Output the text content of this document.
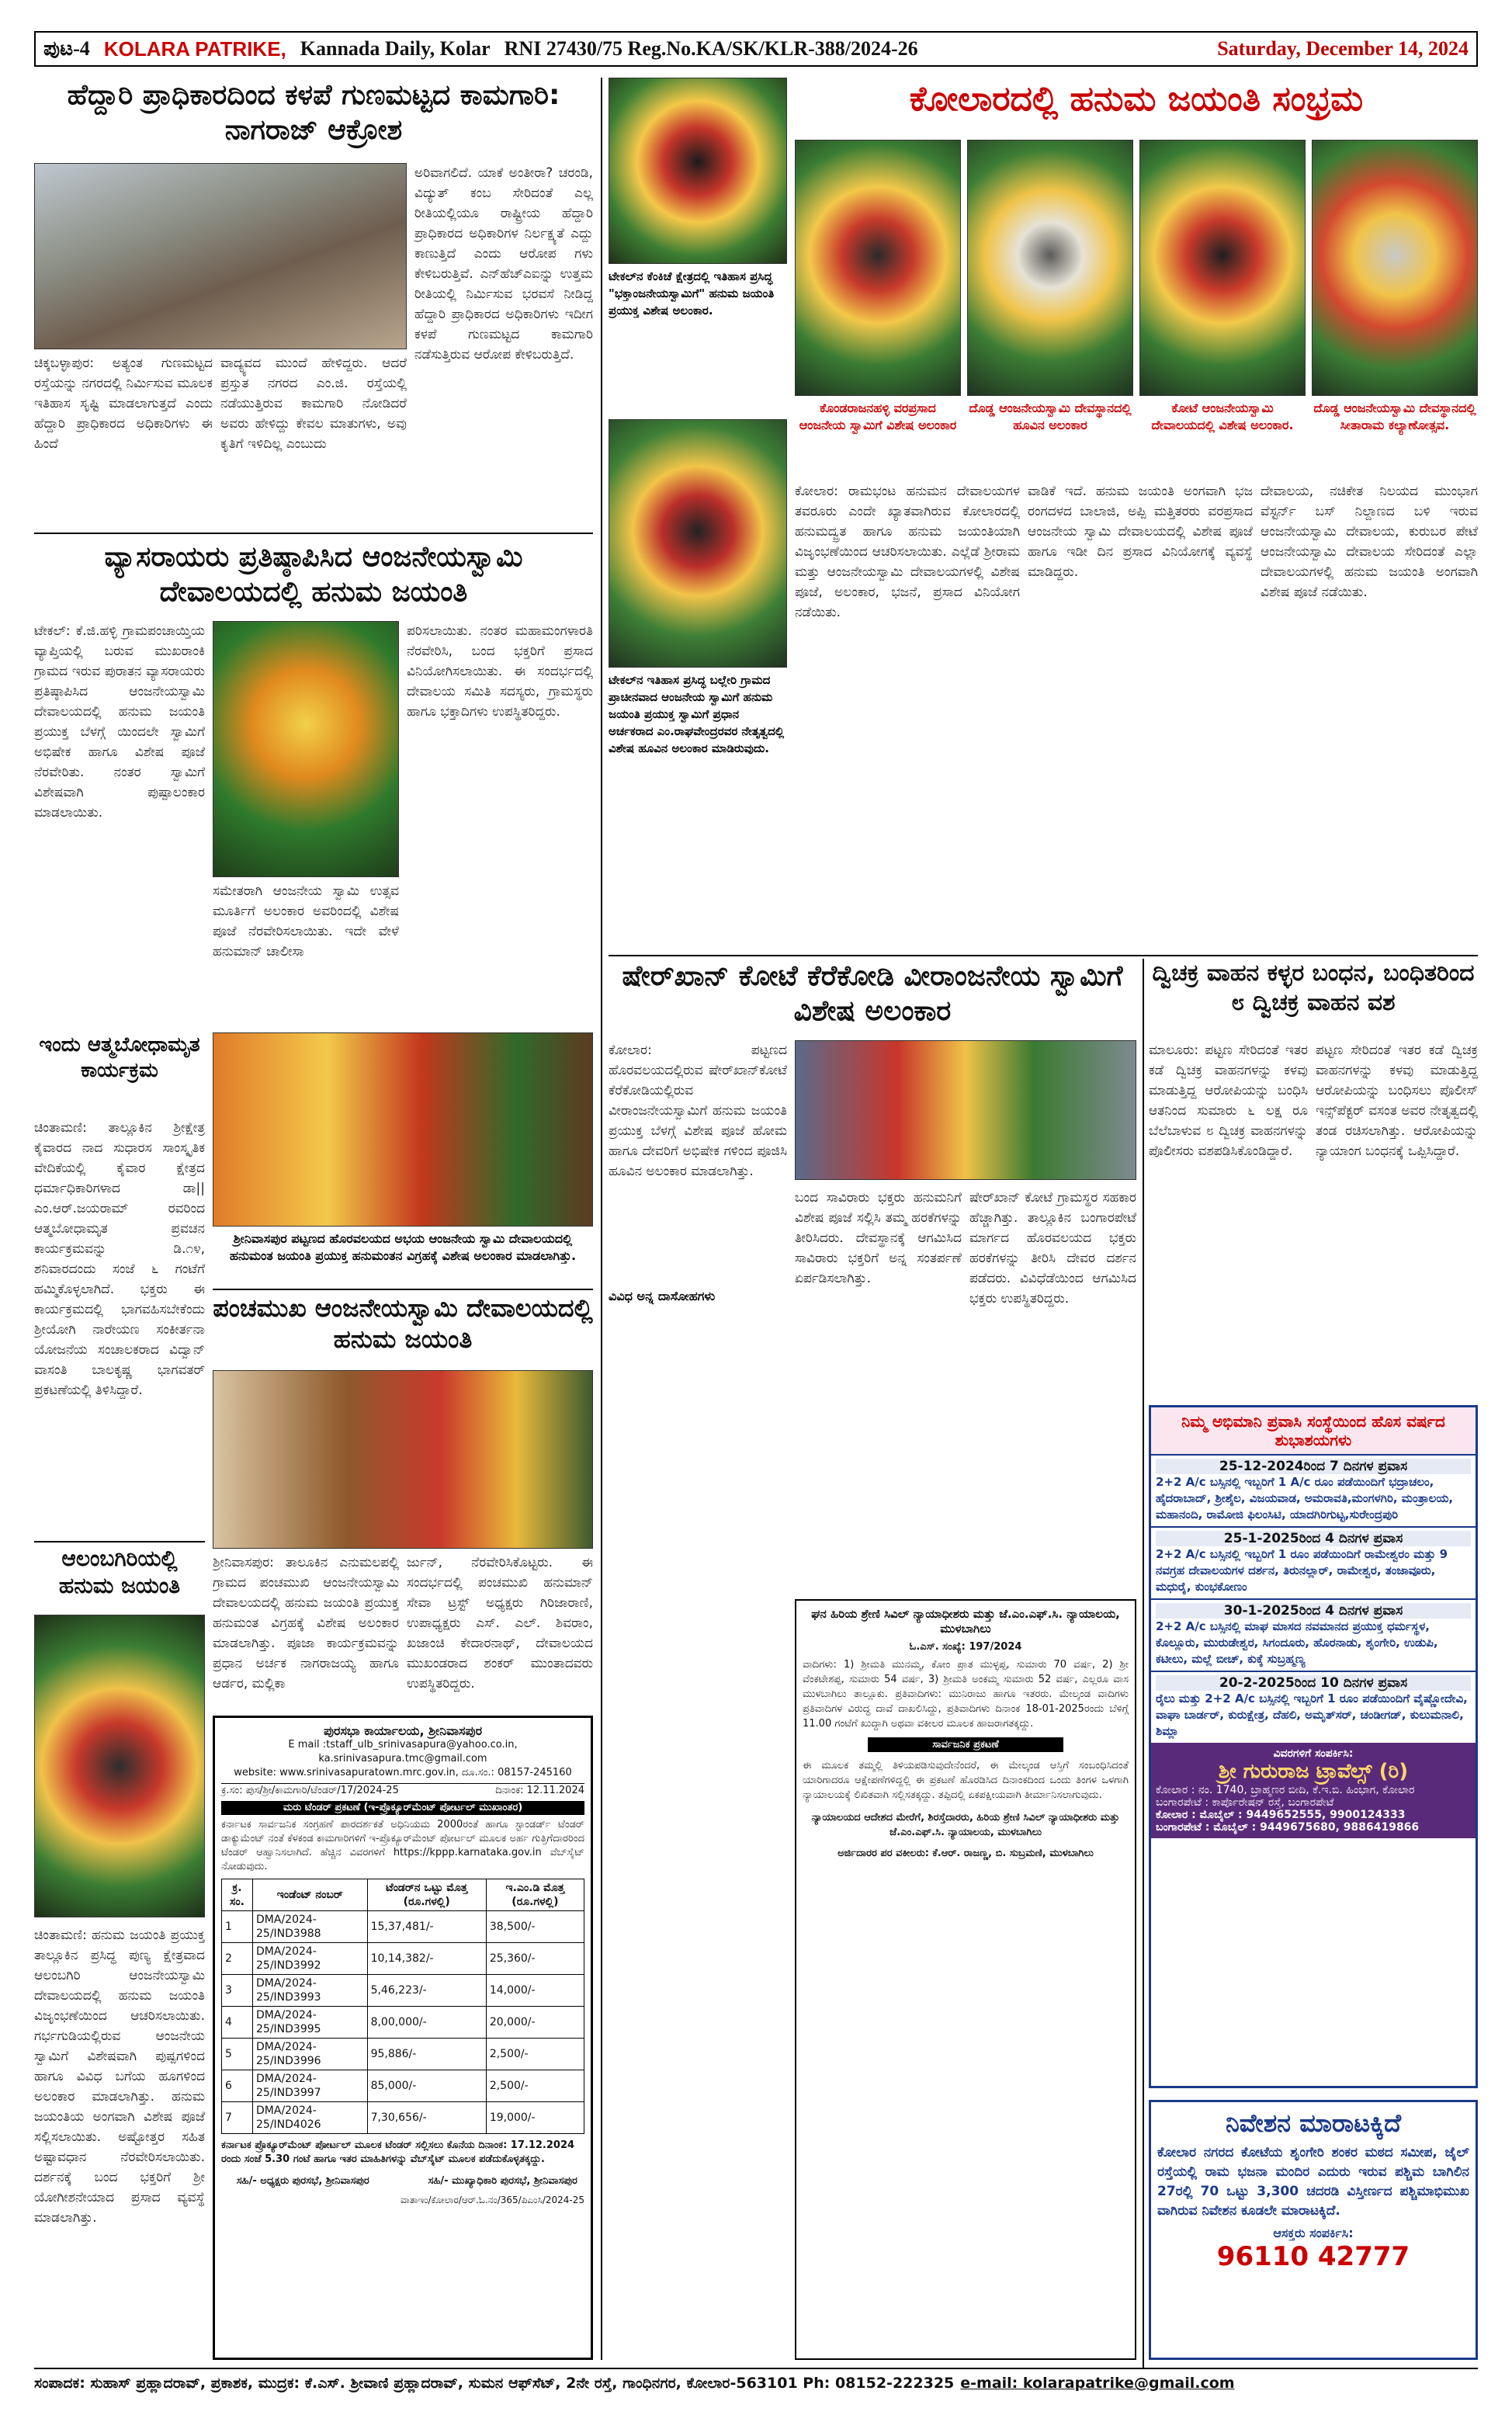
ಪುಟ-4 KOLARA PATRIKE, Kannada Daily, Kolar RNI 27430/75 Reg.No.KA/SK/KLR-388/2024-26	Saturday, December 14, 2024
ಹೆದ್ದಾರಿ ಪ್ರಾಧಿಕಾರದಿಂದ ಕಳಪೆ ಗುಣಮಟ್ಟದ ಕಾಮಗಾರಿ: ನಾಗರಾಜ್ ಆಕ್ರೋಶ
ಚಿಕ್ಕಬಳ್ಳಾಪುರ: ಅತ್ಯಂತ ಗುಣಮಟ್ಟದ ರಸ್ತೆಯನ್ನು ನಗರದಲ್ಲಿ ನಿರ್ಮಿಸುವ ಮೂಲಕ ಇತಿಹಾಸ ಸೃಷ್ಟಿ ಮಾಡಲಾಗುತ್ತದೆ ಎಂದು ಹೆದ್ದಾರಿ ಪ್ರಾಧಿಕಾರದ ಅಧಿಕಾರಿಗಳು ಈ ಹಿಂದೆ
ವಾದ್ಯ್ಯವದ ಮುಂದೆ ಹೇಳಿದ್ದರು. ಆದರೆ ಪ್ರಸ್ತುತ ನಗರದ ಎಂ.ಜಿ. ರಸ್ತೆಯಲ್ಲಿ ನಡೆಯುತ್ತಿರುವ ಕಾಮಗಾರಿ ನೋಡಿದರೆ ಅವರು ಹೇಳಿದ್ದು ಕೇವಲ ಮಾತುಗಳು, ಅವು ಕೃತಿಗೆ ಇಳಿದಿಲ್ಲ ಎಂಬುದು
ಅರಿವಾಗಲಿದೆ. ಯಾಕೆ ಅಂತೀರಾ? ಚರಂಡಿ, ವಿದ್ಯುತ್ ಕಂಬ ಸೇರಿದಂತೆ ಎಲ್ಲ ರೀತಿಯಲ್ಲಿಯೂ ರಾಷ್ಟ್ರೀಯ ಹೆದ್ದಾರಿ ಪ್ರಾಧಿಕಾರದ ಅಧಿಕಾರಿಗಳ ನಿರ್ಲಕ್ಷ್ಯತೆ ಎದ್ದು ಕಾಣುತ್ತಿದೆ ಎಂದು ಆರೋಪ ಗಳು ಕೇಳಿಬರುತ್ತಿವೆ. ಎನ್‌ಹೆಚ್‌ಎಐನ್ನು ಉತ್ತಮ ರೀತಿಯಲ್ಲಿ ನಿರ್ಮಿಸುವ ಭರವಸೆ ನೀಡಿದ್ದ ಹೆದ್ದಾರಿ ಪ್ರಾಧಿಕಾರದ ಅಧಿಕಾರಿಗಳು ಇದೀಗ ಕಳಪೆ ಗುಣಮಟ್ಟದ ಕಾಮಗಾರಿ ನಡೆಸುತ್ತಿರುವ ಆರೋಪ ಕೇಳಿಬರುತ್ತಿದೆ.
ವ್ಯಾಸರಾಯರು ಪ್ರತಿಷ್ಠಾಪಿಸಿದ ಆಂಜನೇಯಸ್ವಾಮಿ ದೇವಾಲಯದಲ್ಲಿ ಹನುಮ ಜಯಂತಿ
ಟೇಕಲ್: ಕೆ.ಜಿ.ಹಳ್ಳಿ ಗ್ರಾಮಪಂಚಾಯ್ತಿಯ ವ್ಯಾಪ್ತಿಯಲ್ಲಿ ಬರುವ ಮುಖರಾಂಕಿ ಗ್ರಾಮದ ಇರುವ ಪುರಾತನ ವ್ಯಾಸರಾಯರು ಪ್ರತಿಷ್ಠಾಪಿಸಿದ ಆಂಜನೇಯಸ್ವಾಮಿ ದೇವಾಲಯದಲ್ಲಿ ಹನುಮ ಜಯಂತಿ ಪ್ರಯುಕ್ತ ಬೆಳಗ್ಗೆ ಯಿಂದಲೇ ಸ್ವಾಮಿಗೆ ಅಭಿಷೇಕ ಹಾಗೂ ವಿಶೇಷ ಪೂಜೆ ನೆರವೇರಿತು. ನಂತರ ಸ್ವಾಮಿಗೆ ವಿಶೇಷವಾಗಿ ಪುಷ್ಪಾಲಂಕಾರ ಮಾಡಲಾಯಿತು.
ಸಮೇತರಾಗಿ ಆಂಜನೇಯ ಸ್ವಾಮಿ ಉತ್ಸವ ಮೂರ್ತಿಗೆ ಅಲಂಕಾರ ಅವರಿಂದಲ್ಲಿ ವಿಶೇಷ ಪೂಜೆ ನೆರವೇರಿಸಲಾಯಿತು. ಇದೇ ವೇಳೆ ಹನುಮಾನ್ ಚಾಲೀಸಾ
ಪರಿಸಲಾಯಿತು. ನಂತರ ಮಹಾಮಂಗಳಾರತಿ ನೆರವೇರಿಸಿ, ಬಂದ ಭಕ್ತರಿಗೆ ಪ್ರಸಾದ ವಿನಿಯೋಗಿಸಲಾಯಿತು. ಈ ಸಂದರ್ಭದಲ್ಲಿ ದೇವಾಲಯ ಸಮಿತಿ ಸದಸ್ಯರು, ಗ್ರಾಮಸ್ಥರು ಹಾಗೂ ಭಕ್ತಾದಿಗಳು ಉಪಸ್ಥಿತರಿದ್ದರು.
ಇಂದು ಆತ್ಮಬೋಧಾಮೃತ ಕಾರ್ಯಕ್ರಮ
ಚಿಂತಾಮಣಿ: ತಾಲ್ಲೂಕಿನ ಶ್ರೀಕ್ಷೇತ್ರ ಕೈವಾರದ ನಾದ ಸುಧಾರಸ ಸಾಂಸ್ಕೃತಿಕ ವೇದಿಕೆಯಲ್ಲಿ ಕೈವಾರ ಕ್ಷೇತ್ರದ ಧರ್ಮಾಧಿಕಾರಿಗಳಾದ ಡಾ|| ಎಂ.ಆರ್.ಜಯರಾಮ್ ರವರಿಂದ ಆತ್ಮಬೋಧಾಮೃತ ಪ್ರವಚನ ಕಾರ್ಯಕ್ರಮವನ್ನು ಡಿ.೧೪, ಶನಿವಾರದಂದು ಸಂಜೆ ೬ ಗಂಟೆಗೆ ಹಮ್ಮಿಕೊಳ್ಳಲಾಗಿದೆ. ಭಕ್ತರು ಈ ಕಾರ್ಯಕ್ರಮದಲ್ಲಿ ಭಾಗವಹಿಸಬೇಕೆಂದು ಶ್ರೀಯೋಗಿ ನಾರೇಯಣ ಸಂಕೀರ್ತನಾ ಯೋಜನೆಯ ಸಂಚಾಲಕರಾದ ವಿದ್ವಾನ್ ವಾಸಂತಿ ಬಾಲಕೃಷ್ಣ ಭಾಗವತರ್ ಪ್ರಕಟಣೆಯಲ್ಲಿ ತಿಳಿಸಿದ್ದಾರೆ.
ಶ್ರೀನಿವಾಸಪುರ ಪಟ್ಟಣದ ಹೊರವಲಯದ ಅಭಯ ಆಂಜನೇಯ ಸ್ವಾಮಿ ದೇವಾಲಯದಲ್ಲಿ ಹನುಮಂತ ಜಯಂತಿ ಪ್ರಯುಕ್ತ ಹನುಮಂತನ ವಿಗ್ರಹಕ್ಕೆ ವಿಶೇಷ ಅಲಂಕಾರ ಮಾಡಲಾಗಿತ್ತು.
ಪಂಚಮುಖ ಆಂಜನೇಯಸ್ವಾಮಿ ದೇವಾಲಯದಲ್ಲಿ ಹನುಮ ಜಯಂತಿ
ಶ್ರೀನಿವಾಸಪುರ: ತಾಲೂಕಿನ ಎನುಮಲಪಲ್ಲಿ ಗ್ರಾಮದ ಪಂಚಮುಖಿ ಆಂಜನೇಯಸ್ವಾಮಿ ದೇವಾಲಯದಲ್ಲಿ ಹನುಮ ಜಯಂತಿ ಪ್ರಯುಕ್ತ ಹನುಮಂತ ವಿಗ್ರಹಕ್ಕೆ ವಿಶೇಷ ಅಲಂಕಾರ ಮಾಡಲಾಗಿತ್ತು. ಪೂಜಾ ಕಾರ್ಯಕ್ರಮವನ್ನು ಪ್ರಧಾನ ಅರ್ಚಕ ನಾಗರಾಜಯ್ಯ ಹಾಗೂ ಆರ್ಡರ, ಮಲ್ಲಿಕಾ
ರ್ಜುನ್, ನೆರವೇರಿಸಿಕೊಟ್ಟರು. ಈ ಸಂದರ್ಭದಲ್ಲಿ ಪಂಚಮುಖಿ ಹನುಮಾನ್ ಸೇವಾ ಟ್ರಸ್ಟ್ ಅಧ್ಯಕ್ಷರು ಗಿರಿಜಾರಾಣಿ, ಉಪಾಧ್ಯಕ್ಷರು ಎಸ್. ಎಲ್. ಶಿವರಾಂ, ಖಜಾಂಚಿ ಕೇದಾರನಾಥ್, ದೇವಾಲಯದ ಮುಖಂಡರಾದ ಶಂಕರ್ ಮುಂತಾದವರು ಉಪಸ್ಥಿತರಿದ್ದರು.
ಆಲಂಬಗಿರಿಯಲ್ಲಿ ಹನುಮ ಜಯಂತಿ
ಚಿಂತಾಮಣಿ: ಹನುಮ ಜಯಂತಿ ಪ್ರಯುಕ್ತ ತಾಲ್ಲೂಕಿನ ಪ್ರಸಿದ್ಧ ಪುಣ್ಯ ಕ್ಷೇತ್ರವಾದ ಆಲಂಬಗಿರಿ ಆಂಜನೇಯಸ್ವಾಮಿ ದೇವಾಲಯದಲ್ಲಿ ಹನುಮ ಜಯಂತಿ ವಿಜೃಂಭಣೆಯಿಂದ ಆಚರಿಸಲಾಯಿತು. ಗರ್ಭಗುಡಿಯಲ್ಲಿರುವ ಆಂಜನೇಯ ಸ್ವಾಮಿಗೆ ವಿಶೇಷವಾಗಿ ಪುಷ್ಪಗಳಿಂದ ಹಾಗೂ ವಿವಿಧ ಬಗೆಯ ಹೂಗಳಿಂದ ಅಲಂಕಾರ ಮಾಡಲಾಗಿತ್ತು. ಹನುಮ ಜಯಂತಿಯ ಅಂಗವಾಗಿ ವಿಶೇಷ ಪೂಜೆ ಸಲ್ಲಿಸಲಾಯಿತು. ಅಷ್ಟೋತ್ತರ ಸಹಿತ ಅಷ್ಟಾವಧಾನ ನೆರವೇರಿಸಲಾಯಿತು. ದರ್ಶನಕ್ಕೆ ಬಂದ ಭಕ್ತರಿಗೆ ಶ್ರೀ ಯೋಗೀಶನೇಯಾದ ಪ್ರಸಾದ ವ್ಯವಸ್ಥೆ ಮಾಡಲಾಗಿತ್ತು.
ಪುರಸಭಾ ಕಾರ್ಯಾಲಯ, ಶ್ರೀನಿವಾಸಪುರ
E mail :tstaff_ulb_srinivasapura@yahoo.co.in, ka.srinivasapura.tmc@gmail.com
website: www.srinivasapuratown.mrc.gov.in, ದೂ.ಸಂ.: 08157-245160
ಕ್ರ.ಸಂ: ಪುಸ/ಶ್ರೀ/ಕಾಮಗಾರಿ/ಟೆಂಡರ್/17/2024-25	ದಿನಾಂಕ: 12.11.2024
ಮರು ಟೆಂಡರ್ ಪ್ರಕಟಣೆ (ಇ-ಪ್ರೊಕ್ಯೂರ್‌ಮೆಂಟ್ ಪೋರ್ಟಲ್ ಮುಖಾಂತರ)
ಕರ್ನಾಟಕ ಸಾರ್ವಜನಿಕ ಸಂಗ್ರಹಣೆ ಪಾರದರ್ಶಕತೆ ಅಧಿನಿಯಮ 2000ರಂತೆ ಹಾಗೂ ಸ್ಟಾಂಡರ್ಡ್ ಟೆಂಡರ್ ಡಾಕ್ಯುಮೆಂಟ್ ನಂತೆ ಕೆಳಕಂಡ ಕಾಮಗಾರಿಗಳಿಗೆ ಇ-ಪ್ರೊಕ್ಯೂರ್‌ಮೆಂಟ್ ಪೋರ್ಟಲ್ ಮೂಲಕ ಅರ್ಹ ಗುತ್ತಿಗೆದಾರರಿಂದ ಟೆಂಡರ್ ಆಹ್ವಾನಿಸಲಾಗಿದೆ. ಹೆಚ್ಚಿನ ವಿವರಗಳಿಗೆ https://kppp.karnataka.gov.in ವೆಬ್‌ಸೈಟ್ ನೋಡುವುದು.
ಕ್ರ. ಸಂ.	ಇಂಡೆಂಟ್ ನಂಬರ್	ಟೆಂಡರ್‌ನ ಒಟ್ಟು ಮೊತ್ತ (ರೂ.ಗಳಲ್ಲಿ)	ಇ.ಎಂ.ಡಿ ಮೊತ್ತ (ರೂ.ಗಳಲ್ಲಿ)
1	DMA/2024-25/IND3988	15,37,481/-	38,500/-
2	DMA/2024-25/IND3992	10,14,382/-	25,360/-
3	DMA/2024-25/IND3993	5,46,223/-	14,000/-
4	DMA/2024-25/IND3995	8,00,000/-	20,000/-
5	DMA/2024-25/IND3996	95,886/-	2,500/-
6	DMA/2024-25/IND3997	85,000/-	2,500/-
7	DMA/2024-25/IND4026	7,30,656/-	19,000/-
ಕರ್ನಾಟಕ ಪ್ರೊಕ್ಯೂರ್‌ಮೆಂಟ್ ಪೋರ್ಟಲ್ ಮೂಲಕ ಟೆಂಡರ್ ಸಲ್ಲಿಸಲು ಕೊನೆಯ ದಿನಾಂಕ: 17.12.2024 ರಂದು ಸಂಜೆ 5.30 ಗಂಟೆ ಹಾಗೂ ಇತರ ಮಾಹಿತಿಗಳನ್ನು ವೆಬ್‌ಸೈಟ್ ಮೂಲಕ ಪಡೆದುಕೊಳ್ಳತಕ್ಕದ್ದು.
ಸಹಿ/- ಅಧ್ಯಕ್ಷರು ಪುರಸಭೆ, ಶ್ರೀನಿವಾಸಪುರ	ಸಹಿ/- ಮುಖ್ಯಾಧಿಕಾರಿ ಪುರಸಭೆ, ಶ್ರೀನಿವಾಸಪುರ
ವಾತಾಇಂ/ಕೋಲಾರ/ಆರ್.ಓ.ನಂ/365/ಪಿಎಂಸಿ/2024-25
ಕೋಲಾರದಲ್ಲಿ ಹನುಮ ಜಯಂತಿ ಸಂಭ್ರಮ
ಟೇಕಲ್‌ನ ಕೆಂಕಿಚೆ ಕ್ಷೇತ್ರದಲ್ಲಿ ಇತಿಹಾಸ ಪ್ರಸಿದ್ಧ "ಭಕ್ತಾಂಜನೇಯಸ್ವಾಮಿಗೆ" ಹನುಮ ಜಯಂತಿ ಪ್ರಯುಕ್ತ ವಿಶೇಷ ಅಲಂಕಾರ.
ಟೇಕಲ್‌ನ ಇತಿಹಾಸ ಪ್ರಸಿದ್ಧ ಬಲ್ಲೇರಿ ಗ್ರಾಮದ ಪ್ರಾಚೀನವಾದ ಆಂಜನೇಯ ಸ್ವಾಮಿಗೆ ಹನುಮ ಜಯಂತಿ ಪ್ರಯುಕ್ತ ಸ್ವಾಮಿಗೆ ಪ್ರಧಾನ ಅರ್ಚಕರಾದ ಎಂ.ರಾಘವೇಂದ್ರರವರ ನೇತೃತ್ವದಲ್ಲಿ ವಿಶೇಷ ಹೂವಿನ ಅಲಂಕಾರ ಮಾಡಿರುವುದು.
ಕೊಂಡರಾಜನಹಳ್ಳಿ ವರಪ್ರಸಾದ ಆಂಜನೇಯ ಸ್ವಾಮಿಗೆ ವಿಶೇಷ ಅಲಂಕಾರ
ದೊಡ್ಡ ಆಂಜನೇಯಸ್ವಾಮಿ ದೇವಸ್ಥಾನದಲ್ಲಿ ಹೂವಿನ ಅಲಂಕಾರ
ಕೋಟೆ ಆಂಜನೇಯಸ್ವಾಮಿ ದೇವಾಲಯದಲ್ಲಿ ವಿಶೇಷ ಅಲಂಕಾರ.
ದೊಡ್ಡ ಆಂಜನೇಯಸ್ವಾಮಿ ದೇವಸ್ಥಾನದಲ್ಲಿ ಸೀತಾರಾಮ ಕಲ್ಯಾಣೋತ್ಸವ.
ಕೋಲಾರ: ರಾಮಭಂಟ ಹನುಮನ ದೇವಾಲಯಗಳ ತವರೂರು ಎಂದೇ ಖ್ಯಾತವಾಗಿರುವ ಕೋಲಾರದಲ್ಲಿ ಹನುಮದ್ವ್ರತ ಹಾಗೂ ಹನುಮ ಜಯಂತಿಯಾಗಿ ವಿಜೃಂಭಣೆಯಿಂದ ಆಚರಿಸಲಾಯಿತು. ಎಲ್ಲೆಡೆ ಶ್ರೀರಾಮ ಮತ್ತು ಆಂಜನೇಯಸ್ವಾಮಿ ದೇವಾಲಯಗಳಲ್ಲಿ ವಿಶೇಷ ಪೂಜೆ, ಅಲಂಕಾರ, ಭಜನೆ, ಪ್ರಸಾದ ವಿನಿಯೋಗ ನಡೆಯಿತು.
ವಾಡಿಕೆ ಇದೆ. ಹನುಮ ಜಯಂತಿ ಅಂಗವಾಗಿ ಭಜ ರಂಗದಳದ ಬಾಲಾಜಿ, ಅಪ್ಪಿ ಮತ್ತಿತರರು ವರಪ್ರಸಾದ ಆಂಜನೇಯ ಸ್ವಾಮಿ ದೇವಾಲಯದಲ್ಲಿ ವಿಶೇಷ ಪೂಜೆ ಹಾಗೂ ಇಡೀ ದಿನ ಪ್ರಸಾದ ವಿನಿಯೋಗಕ್ಕೆ ವ್ಯವಸ್ಥೆ ಮಾಡಿದ್ದರು.
ದೇವಾಲಯ, ನಚಿಕೇತ ನಿಲಯದ ಮುಂಭಾಗ ವೆಸ್ಟರ್ನ್ ಬಸ್ ನಿಲ್ದಾಣದ ಬಳಿ ಇರುವ ಆಂಜನೇಯಸ್ವಾಮಿ ದೇವಾಲಯ, ಕುರುಬರ ಪೇಟೆ ಆಂಜನೇಯಸ್ವಾಮಿ ದೇವಾಲಯ ಸೇರಿದಂತೆ ಎಲ್ಲಾ ದೇವಾಲಯಗಳಲ್ಲಿ ಹನುಮ ಜಯಂತಿ ಅಂಗವಾಗಿ ವಿಶೇಷ ಪೂಜೆ ನಡೆಯಿತು.
ಷೇರ್‌ಖಾನ್ ಕೋಟೆ ಕೆರೆಕೋಡಿ ವೀರಾಂಜನೇಯ ಸ್ವಾಮಿಗೆ ವಿಶೇಷ ಅಲಂಕಾರ
ಕೋಲಾರ: ಪಟ್ಟಣದ ಹೊರವಲಯದಲ್ಲಿರುವ ಷೇರ್‌ಖಾನ್‌ಕೋಟೆ ಕೆರೆಕೋಡಿಯಲ್ಲಿರುವ ವೀರಾಂಜನೇಯಸ್ವಾಮಿಗೆ ಹನುಮ ಜಯಂತಿ ಪ್ರಯುಕ್ತ ಬೆಳಗ್ಗೆ ವಿಶೇಷ ಪೂಜೆ ಹೋಮ ಹಾಗೂ ದೇವರಿಗೆ ಅಭಿಷೇಕ ಗಳಿಂದ ಪೂಜಿಸಿ ಹೂವಿನ ಅಲಂಕಾರ ಮಾಡಲಾಗಿತ್ತು.
ಬಂದ ಸಾವಿರಾರು ಭಕ್ತರು ಹನುಮನಿಗೆ ವಿಶೇಷ ಪೂಜೆ ಸಲ್ಲಿಸಿ ತಮ್ಮ ಹರಕೆಗಳನ್ನು ತೀರಿಸಿದರು. ದೇವಸ್ಥಾನಕ್ಕೆ ಆಗಮಿಸಿದ ಸಾವಿರಾರು ಭಕ್ತರಿಗೆ ಅನ್ನ ಸಂತರ್ಪಣೆ ಏರ್ಪಡಿಸಲಾಗಿತ್ತು.
ಷೇರ್‌ಖಾನ್ ಕೋಟೆ ಗ್ರಾಮಸ್ಥರ ಸಹಕಾರ ಹೆಚ್ಚಾಗಿತ್ತು. ತಾಲ್ಲೂಕಿನ ಬಂಗಾರಪೇಟೆ ಮಾರ್ಗದ ಹೊರವಲಯದ ಭಕ್ತರು ಹರಕೆಗಳನ್ನು ತೀರಿಸಿ ದೇವರ ದರ್ಶನ ಪಡೆದರು. ವಿವಿಧೆಡೆಯಿಂದ ಆಗಮಿಸಿದ ಭಕ್ತರು ಉಪಸ್ಥಿತರಿದ್ದರು.
ವಿವಿಧ ಅನ್ನ ದಾಸೋಹಗಳು
ದ್ವಿಚಕ್ರ ವಾಹನ ಕಳ್ಳರ ಬಂಧನ, ಬಂಧಿತರಿಂದ ೮ ದ್ವಿಚಕ್ರ ವಾಹನ ವಶ
ಮಾಲೂರು: ಪಟ್ಟಣ ಸೇರಿದಂತೆ ಇತರ ಕಡೆ ದ್ವಿಚಕ್ರ ವಾಹನಗಳನ್ನು ಕಳವು ಮಾಡುತ್ತಿದ್ದ ಆರೋಪಿಯನ್ನು ಬಂಧಿಸಿ ಆತನಿಂದ ಸುಮಾರು ೬ ಲಕ್ಷ ರೂ ಬೆಲೆಬಾಳುವ ೮ ದ್ವಿಚಕ್ರ ವಾಹನಗಳನ್ನು ಪೊಲೀಸರು ವಶಪಡಿಸಿಕೊಂಡಿದ್ದಾರೆ.
ಪಟ್ಟಣ ಸೇರಿದಂತೆ ಇತರ ಕಡೆ ದ್ವಿಚಕ್ರ ವಾಹನಗಳನ್ನು ಕಳವು ಮಾಡುತ್ತಿದ್ದ ಆರೋಪಿಯನ್ನು ಬಂಧಿಸಲು ಪೊಲೀಸ್ ಇನ್ಸ್‌ಪೆಕ್ಟರ್ ವಸಂತ ಅವರ ನೇತೃತ್ವದಲ್ಲಿ ತಂಡ ರಚಿಸಲಾಗಿತ್ತು. ಆರೋಪಿಯನ್ನು ನ್ಯಾಯಾಂಗ ಬಂಧನಕ್ಕೆ ಒಪ್ಪಿಸಿದ್ದಾರೆ.
ಘನ ಹಿರಿಯ ಶ್ರೇಣಿ ಸಿವಿಲ್ ನ್ಯಾಯಾಧೀಶರು ಮತ್ತು ಜೆ.ಎಂ.ಎಫ್.ಸಿ. ನ್ಯಾಯಾಲಯ, ಮುಳಬಾಗಿಲು
ಓ.ಎಸ್. ಸಂಖ್ಯೆ: 197/2024
ವಾದಿಗಳು: 1) ಶ್ರೀಮತಿ ಮುನಮ್ಮ, ಕೋಂ ಪ್ರಾತ ಮುಳ್ಳಪ್ಪ, ಸುಮಾರು 70 ವರ್ಷ, 2) ಶ್ರೀ ವೆಂಕಟೇಶಪ್ಪ, ಸುಮಾರು 54 ವರ್ಷ, 3) ಶ್ರೀಮತಿ ಅಂಕಮ್ಮ ಸುಮಾರು 52 ವರ್ಷ, ಎಲ್ಲರೂ ವಾಸ ಮುಳಬಾಗಿಲು ತಾಲ್ಲೂಕು. ಪ್ರತಿವಾದಿಗಳು: ಮುನಿರಾಜು ಹಾಗೂ ಇತರರು. ಮೇಲ್ಕಂಡ ವಾದಿಗಳು ಪ್ರತಿವಾದಿಗಳ ವಿರುದ್ಧ ದಾವೆ ದಾಖಲಿಸಿದ್ದು, ಪ್ರತಿವಾದಿಗಳು ದಿನಾಂಕ 18-01-2025ರಂದು ಬೆಳಿಗ್ಗೆ 11.00 ಗಂಟೆಗೆ ಖುದ್ದಾಗಿ ಅಥವಾ ವಕೀಲರ ಮೂಲಕ ಹಾಜರಾಗತಕ್ಕದ್ದು.
ಸಾರ್ವಜನಿಕ ಪ್ರಕಟಣೆ
ಈ ಮೂಲಕ ತಮ್ಮಲ್ಲಿ ತಿಳಿಯಪಡಿಸುವುದೇನೆಂದರೆ, ಈ ಮೇಲ್ಕಂಡ ಆಸ್ತಿಗೆ ಸಂಬಂಧಿಸಿದಂತೆ ಯಾರಿಗಾದರೂ ಆಕ್ಷೇಪಣೆಗಳಿದ್ದಲ್ಲಿ ಈ ಪ್ರಕಟಣೆ ಹೊರಡಿಸಿದ ದಿನಾಂಕದಿಂದ ಒಂದು ತಿಂಗಳ ಒಳಗಾಗಿ ನ್ಯಾಯಾಲಯಕ್ಕೆ ಲಿಖಿತವಾಗಿ ಸಲ್ಲಿಸತಕ್ಕದ್ದು. ತಪ್ಪಿದಲ್ಲಿ ಏಕಪಕ್ಷೀಯವಾಗಿ ತೀರ್ಮಾನಿಸಲಾಗುವುದು.
ನ್ಯಾಯಾಲಯದ ಆದೇಶದ ಮೇರೆಗೆ, ಶಿರಸ್ತೆದಾರರು, ಹಿರಿಯ ಶ್ರೇಣಿ ಸಿವಿಲ್ ನ್ಯಾಯಾಧೀಶರು ಮತ್ತು ಜೆ.ಎಂ.ಎಫ್.ಸಿ. ನ್ಯಾಯಾಲಯ, ಮುಳಬಾಗಿಲು
ಅರ್ಜಿದಾರರ ಪರ ವಕೀಲರು: ಕೆ.ಆರ್. ರಾಜಣ್ಣ, ಬಿ. ಸುಬ್ರಮಣಿ, ಮುಳಬಾಗಿಲು
ನಿಮ್ಮ ಅಭಿಮಾನಿ ಪ್ರವಾಸಿ ಸಂಸ್ಥೆಯಿಂದ ಹೊಸ ವರ್ಷದ ಶುಭಾಶಯಗಳು
25-12-2024ರಿಂದ 7 ದಿನಗಳ ಪ್ರವಾಸ
2+2 A/c ಬಸ್ಸಿನಲ್ಲಿ ಇಬ್ಬರಿಗೆ 1 A/c ರೂಂ ಪಡೆಯಿಂದಿಗೆ ಭದ್ರಾಚಲಂ, ಹೈದರಾಬಾದ್, ಶ್ರೀಶೈಲ, ವಿಜಯವಾಡ, ಅಮರಾವತಿ,ಮಂಗಳಗಿರಿ, ಮಂತ್ರಾಲಯ, ಮಹಾನಂದಿ, ರಾಮೋಜಿ ಫಿಲಂಸಿಟಿ, ಯಾದಗಿರಿಗುಟ್ಟ,ಸುರೇಂದ್ರಪುರಿ
25-1-2025ರಿಂದ 4 ದಿನಗಳ ಪ್ರವಾಸ
2+2 A/c ಬಸ್ಸಿನಲ್ಲಿ ಇಬ್ಬರಿಗೆ 1 ರೂಂ ಪಡೆಯಿಂದಿಗೆ ರಾಮೇಶ್ವರಂ ಮತ್ತು 9 ನವಗ್ರಹ ದೇವಾಲಯಗಳ ದರ್ಶನ, ತಿರುನಲ್ಲಾರ್, ರಾಮೇಶ್ವರ, ತಂಜಾವೂರು, ಮಧುರೈ, ಕುಂಭಕೋಣಂ
30-1-2025ರಿಂದ 4 ದಿನಗಳ ಪ್ರವಾಸ
2+2 A/c ಬಸ್ಸಿನಲ್ಲಿ ಮಾಘ ಮಾಸದ ನವಮಾನದ ಪ್ರಯುಕ್ತ ಧರ್ಮಸ್ಥಳ, ಕೊಲ್ಲೂರು, ಮುರುಡೇಶ್ವರ, ಸಿಗಂದೂರು, ಹೊರನಾಡು, ಶೃಂಗೇರಿ, ಉಡುಪಿ, ಕಟೀಲು, ಮಲ್ಲೆ ಬೀಚ್, ಕುಕ್ಕೆ ಸುಬ್ರಹ್ಮಣ್ಯ
20-2-2025ರಿಂದ 10 ದಿನಗಳ ಪ್ರವಾಸ
ರೈಲು ಮತ್ತು 2+2 A/c ಬಸ್ಸಿನಲ್ಲಿ ಇಬ್ಬರಿಗೆ 1 ರೂಂ ಪಡೆಯಿಂದಿಗೆ ವೈಷ್ಣೋದೇವಿ, ವಾಘಾ ಬಾರ್ಡರ್, ಕುರುಕ್ಷೇತ್ರ, ದೆಹಲಿ, ಅಮೃತ್‌ಸರ್, ಚಂಡೀಗಡ್, ಕುಲುಮನಾಲಿ, ಶಿಮ್ಲಾ
ವಿವರಗಳಿಗೆ ಸಂಪರ್ಕಿಸಿ:
ಶ್ರೀ ಗುರುರಾಜ ಟ್ರಾವೆಲ್ಸ್ (ರಿ)
ಕೋಲಾರ : ನಂ. 1740, ಬ್ರಾಹ್ಮಣರ ಬೀದಿ, ಕೆ.ಇ.ಬಿ. ಹಿಂಭಾಗ, ಕೋಲಾರ
ಬಂಗಾರಪೇಟೆ : ಕಾರ್ಪೊರೇಷನ್ ರಸ್ತೆ, ಬಂಗಾರಪೇಟೆ
ಕೋಲಾರ : ಮೊಬೈಲ್ : 9449652555, 9900124333
ಬಂಗಾರಪೇಟೆ : ಮೊಬೈಲ್ : 9449675680, 9886419866
ನಿವೇಶನ ಮಾರಾಟಕ್ಕಿದೆ
ಕೋಲಾರ ನಗರದ ಕೋಟೆಯ ಶೃಂಗೇರಿ ಶಂಕರ ಮಠದ ಸಮೀಪ, ಜೈಲ್ ರಸ್ತೆಯಲ್ಲಿ ರಾಮ ಭಜನಾ ಮಂದಿರ ಎದುರು ಇರುವ ಪಶ್ಚಿಮ ಬಾಗಿಲಿನ 27ರಲ್ಲಿ 70 ಒಟ್ಟು 3,300 ಚದರಡಿ ವಿಸ್ತೀರ್ಣದ ಪಶ್ಚಿಮಾಭಿಮುಖ ವಾಗಿರುವ ನಿವೇಶನ ಕೂಡಲೇ ಮಾರಾಟಕ್ಕಿದೆ.
ಆಸಕ್ತರು ಸಂಪರ್ಕಿಸಿ:
96110 42777
ಸಂಪಾದಕ: ಸುಹಾಸ್ ಪ್ರಹ್ಲಾದರಾವ್, ಪ್ರಕಾಶಕ, ಮುದ್ರಕ: ಕೆ.ಎಸ್. ಶ್ರೀವಾಣಿ ಪ್ರಹ್ಲಾದರಾವ್, ಸುಮನ ಆಫ್‌ಸೆಟ್, 2ನೇ ರಸ್ತೆ, ಗಾಂಧಿನಗರ, ಕೋಲಾರ-563101 Ph: 08152-222325 e-mail: kolarapatrike@gmail.com
